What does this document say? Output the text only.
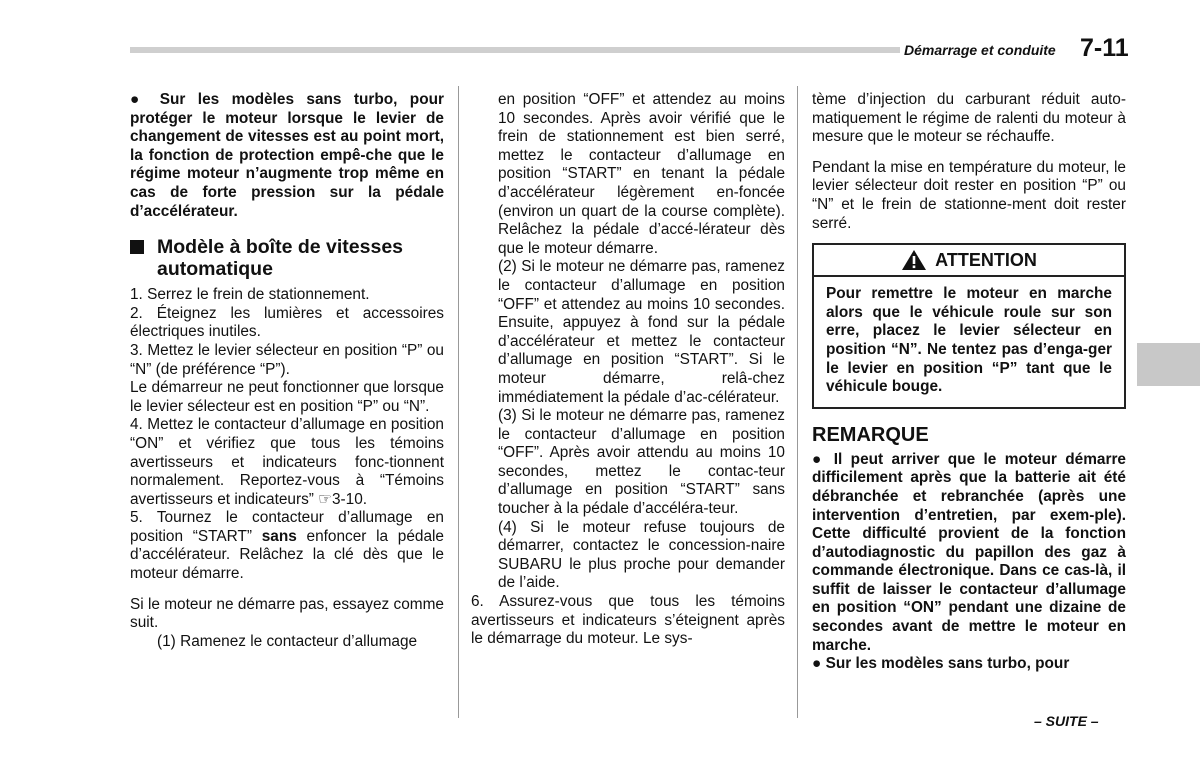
Démarrage et conduite 7-11

● Sur les modèles sans turbo, pour protéger le moteur lorsque le levier de changement de vitesses est au point mort, la fonction de protection empê-che que le régime moteur n’augmente trop même en cas de forte pression sur la pédale d’accélérateur.

Modèle à boîte de vitesses automatique

1. Serrez le frein de stationnement.

2. Éteignez les lumières et accessoires électriques inutiles.

3. Mettez le levier sélecteur en position “P” ou “N” (de préférence “P”).

Le démarreur ne peut fonctionner que lorsque le levier sélecteur est en position “P” ou “N”.

4. Mettez le contacteur d’allumage en position “ON” et vérifiez que tous les témoins avertisseurs et indicateurs fonc-tionnent normalement. Reportez-vous à “Témoins avertisseurs et indicateurs” ☞3-10.

5. Tournez le contacteur d’allumage en position “START” sans enfoncer la pédale d’accélérateur. Relâchez la clé dès que le moteur démarre.

Si le moteur ne démarre pas, essayez comme suit.

(1) Ramenez le contacteur d’allumage

en position “OFF” et attendez au moins 10 secondes. Après avoir vérifié que le frein de stationnement est bien serré, mettez le contacteur d’allumage en position “START” en tenant la pédale d’accélérateur légèrement en-foncée (environ un quart de la course complète). Relâchez la pédale d’accé-lérateur dès que le moteur démarre.

(2) Si le moteur ne démarre pas, ramenez le contacteur d’allumage en position “OFF” et attendez au moins 10 secondes. Ensuite, appuyez à fond sur la pédale d’accélérateur et mettez le contacteur d’allumage en position “START”. Si le moteur démarre, relâ-chez immédiatement la pédale d’ac-célérateur.

(3) Si le moteur ne démarre pas, ramenez le contacteur d’allumage en position “OFF”. Après avoir attendu au moins 10 secondes, mettez le contac-teur d’allumage en position “START” sans toucher à la pédale d’accéléra-teur.

(4) Si le moteur refuse toujours de démarrer, contactez le concession-naire SUBARU le plus proche pour demander de l’aide.

6. Assurez-vous que tous les témoins avertisseurs et indicateurs s’éteignent après le démarrage du moteur. Le sys-

tème d’injection du carburant réduit auto-matiquement le régime de ralenti du moteur à mesure que le moteur se réchauffe.

Pendant la mise en température du moteur, le levier sélecteur doit rester en position “P” ou “N” et le frein de stationne-ment doit rester serré.

ATTENTION
Pour remettre le moteur en marche alors que le véhicule roule sur son erre, placez le levier sélecteur en position “N”. Ne tentez pas d’enga-ger le levier en position “P” tant que le véhicule bouge.
REMARQUE

● Il peut arriver que le moteur démarre difficilement après que la batterie ait été débranchée et rebranchée (après une intervention d’entretien, par exem-ple). Cette difficulté provient de la fonction d’autodiagnostic du papillon des gaz à commande électronique. Dans ce cas-là, il suffit de laisser le contacteur d’allumage en position “ON” pendant une dizaine de secondes avant de mettre le moteur en marche.

● Sur les modèles sans turbo, pour

– SUITE –
